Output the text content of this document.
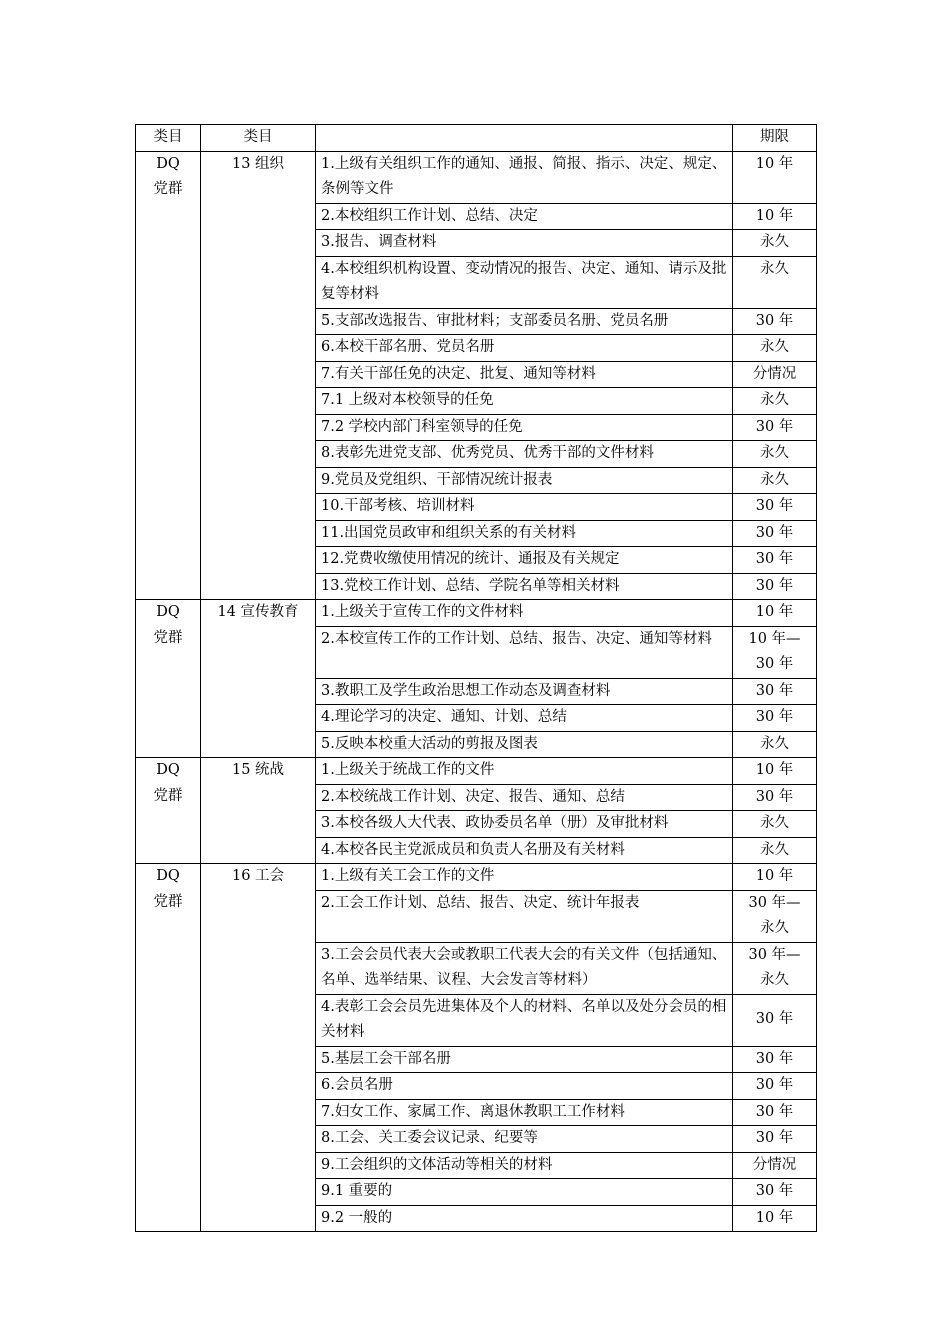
类目	类目		期限

DQ
党群	13 组织	1.上级有关组织工作的通知、通报、简报、指示、决定、规定、条例等文件	10 年
		2.本校组织工作计划、总结、决定	10 年
		3.报告、调查材料	永久
		4.本校组织机构设置、变动情况的报告、决定、通知、请示及批复等材料	永久
		5.支部改选报告、审批材料；支部委员名册、党员名册	30 年
		6.本校干部名册、党员名册	永久
		7.有关干部任免的决定、批复、通知等材料	分情况
		7.1 上级对本校领导的任免	永久
		7.2 学校内部门科室领导的任免	30 年
		8.表彰先进党支部、优秀党员、优秀干部的文件材料	永久
		9.党员及党组织、干部情况统计报表	永久
		10.干部考核、培训材料	30 年
		11.出国党员政审和组织关系的有关材料	30 年
		12.党费收缴使用情况的统计、通报及有关规定	30 年
		13.党校工作计划、总结、学院名单等相关材料	30 年

DQ
党群	14 宣传教育	1.上级关于宣传工作的文件材料	10 年
		2.本校宣传工作的工作计划、总结、报告、决定、通知等材料	10 年—
30 年

		3.教职工及学生政治思想工作动态及调查材料	30 年
		4.理论学习的决定、通知、计划、总结	30 年
		5.反映本校重大活动的剪报及图表	永久

DQ
党群	15 统战	1.上级关于统战工作的文件	10 年
		2.本校统战工作计划、决定、报告、通知、总结	30 年
		3.本校各级人大代表、政协委员名单（册）及审批材料	永久
		4.本校各民主党派成员和负责人名册及有关材料	永久

DQ
党群	16 工会	1.上级有关工会工作的文件	10 年
		2.工会工作计划、总结、报告、决定、统计年报表	30 年—
永久

		3.工会会员代表大会或教职工代表大会的有关文件（包括通知、名单、选举结果、议程、大会发言等材料）	30 年—
永久

		4.表彰工会会员先进集体及个人的材料、名单以及处分会员的相关材料	30 年
		5.基层工会干部名册	30 年
		6.会员名册	30 年
		7.妇女工作、家属工作、离退休教职工工作材料	30 年
		8.工会、关工委会议记录、纪要等	30 年
		9.工会组织的文体活动等相关的材料	分情况
		9.1 重要的	30 年
		9.2 一般的	10 年
